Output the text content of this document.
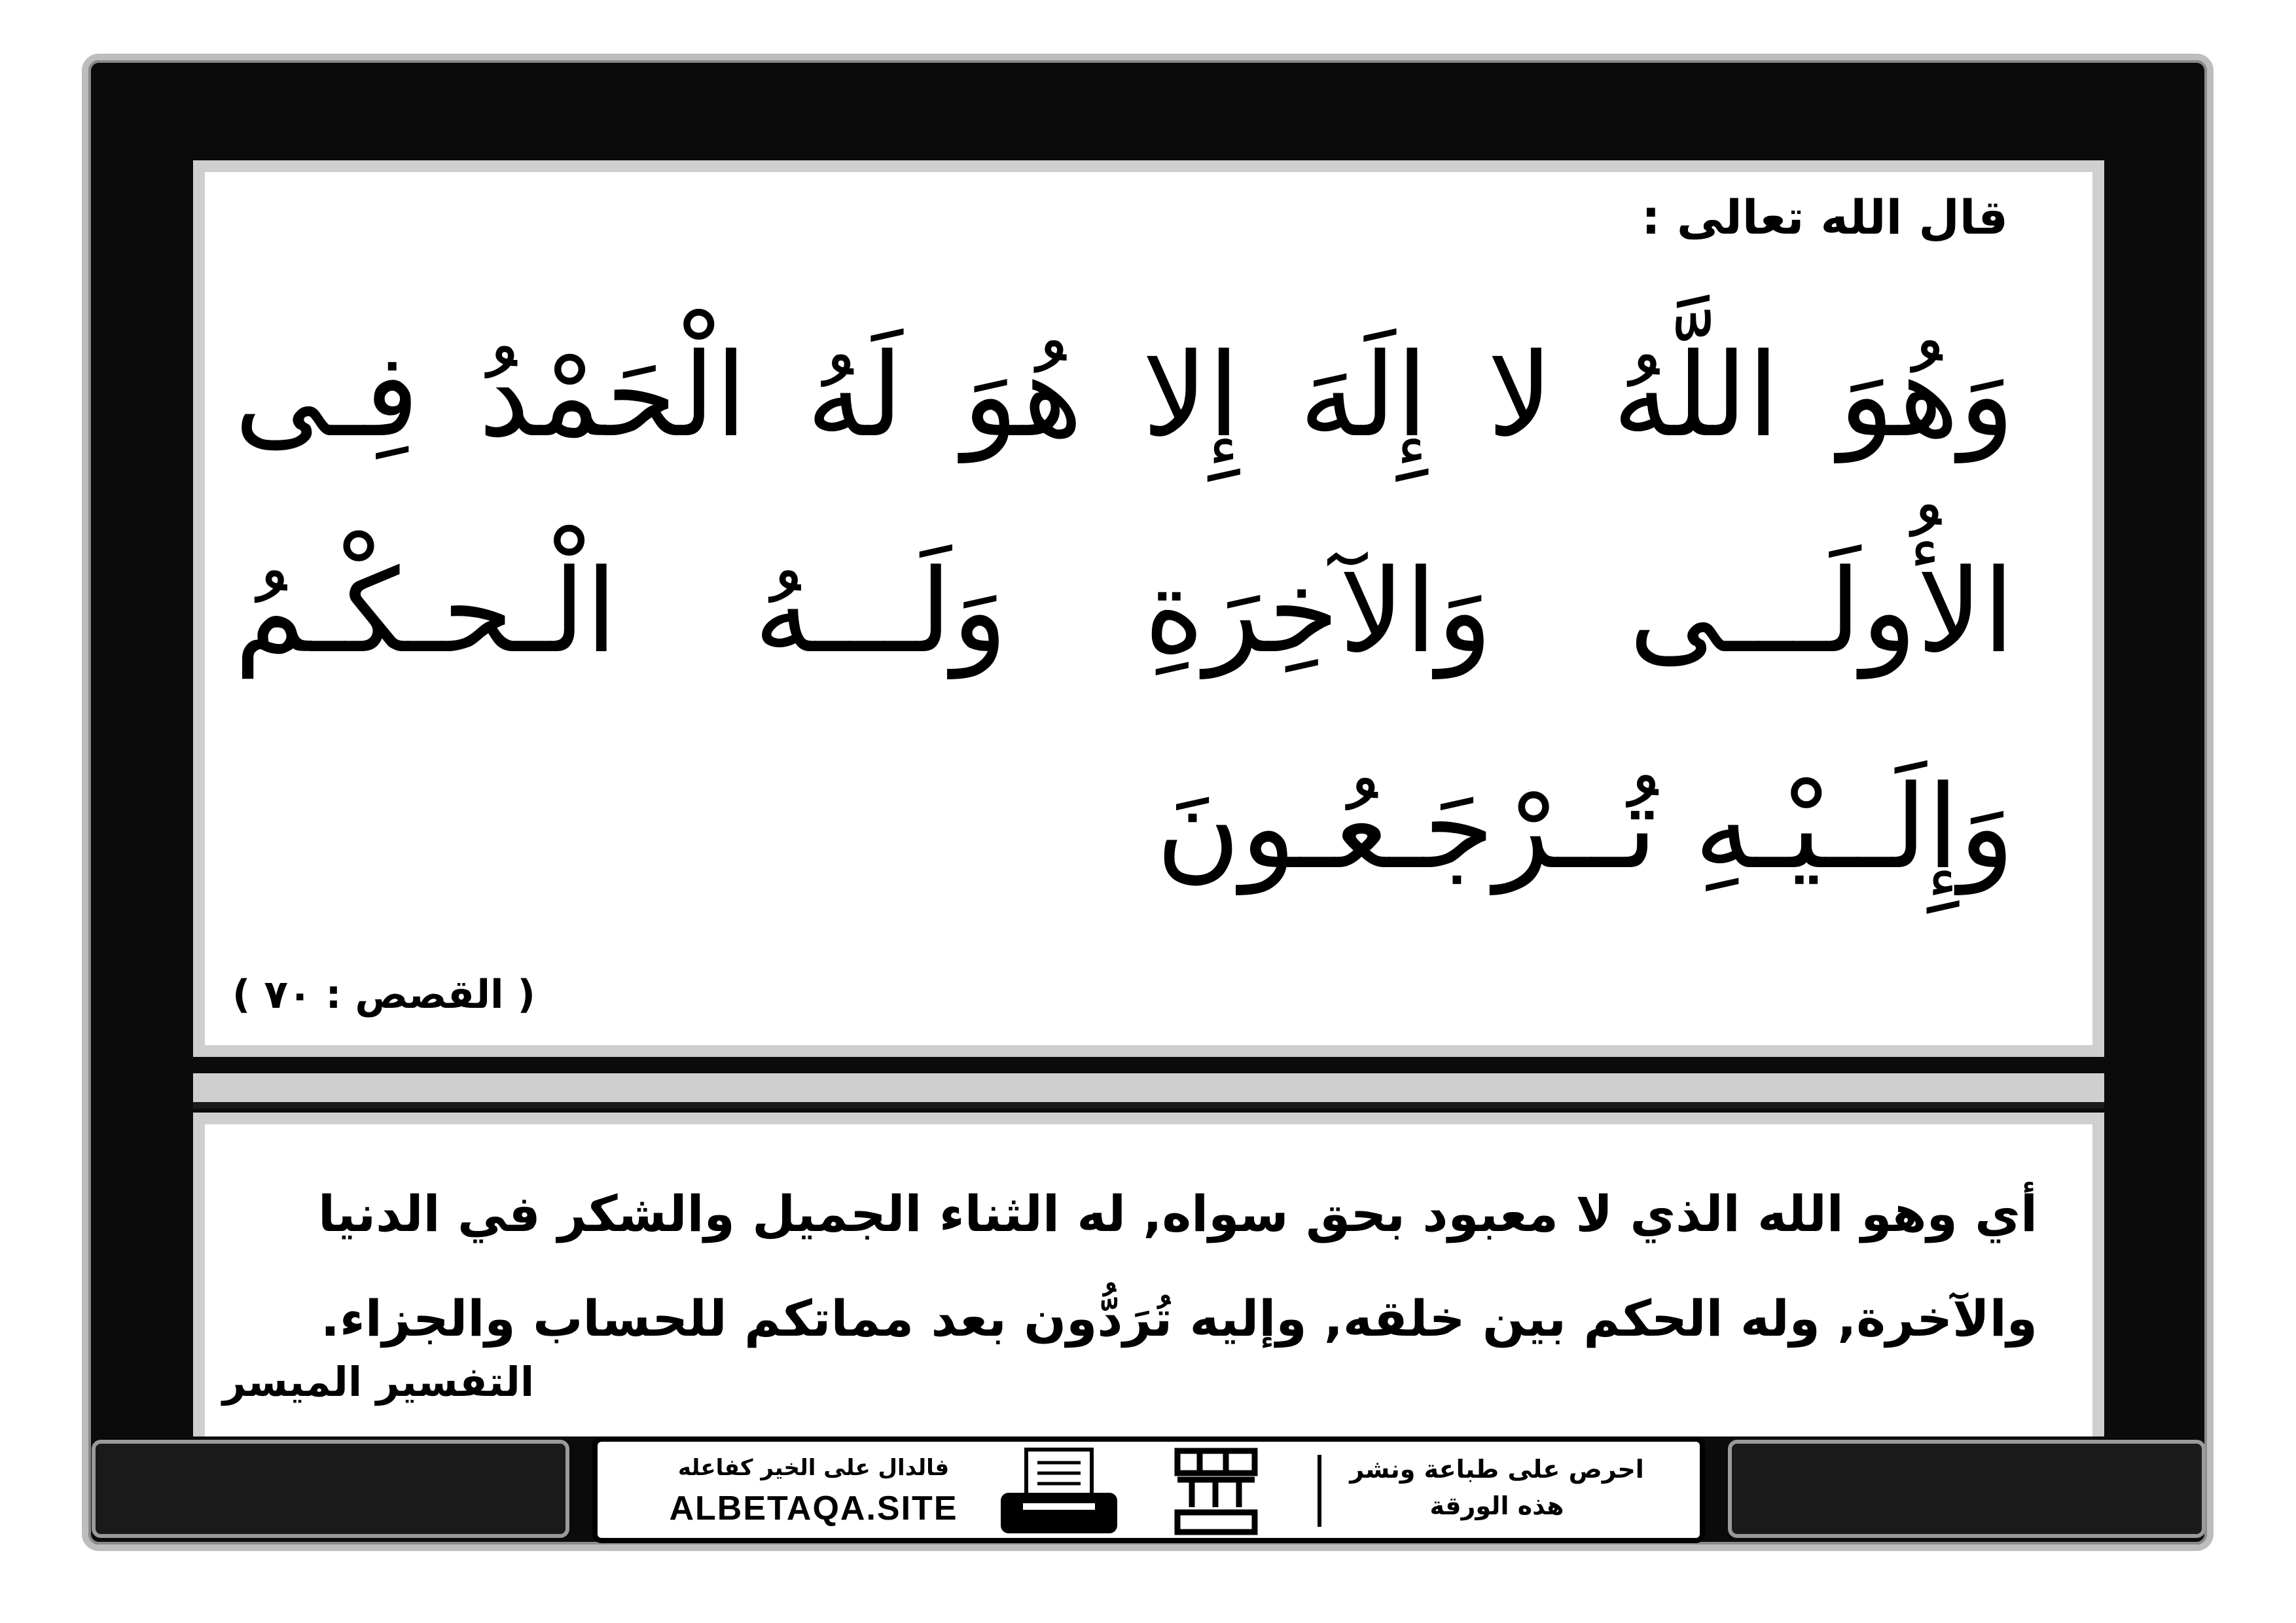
قال الله تعالى :
وَهُوَ اللَّهُ لا إِلَهَ إِلا هُوَ لَهُ الْحَمْدُ فِـى الأُولَـــى وَالآخِرَةِ وَلَـــهُ الْـحـكْـمُ وَإِلَــيْـهِ تُــرْجَـعُـونَ
( القصص : ٧٠ )
أي وهو الله الذي لا معبود بحق سواه, له الثناء الجميل والشكر في الدنيا والآخرة, وله الحكم بين خلقه, وإليه تُرَدُّون بعد مماتكم للحساب والجزاء.
التفسير الميسر
فالدال على الخير كفاعله
ALBETAQA.SITE
احرص على طباعة ونشر هذه الورقة
